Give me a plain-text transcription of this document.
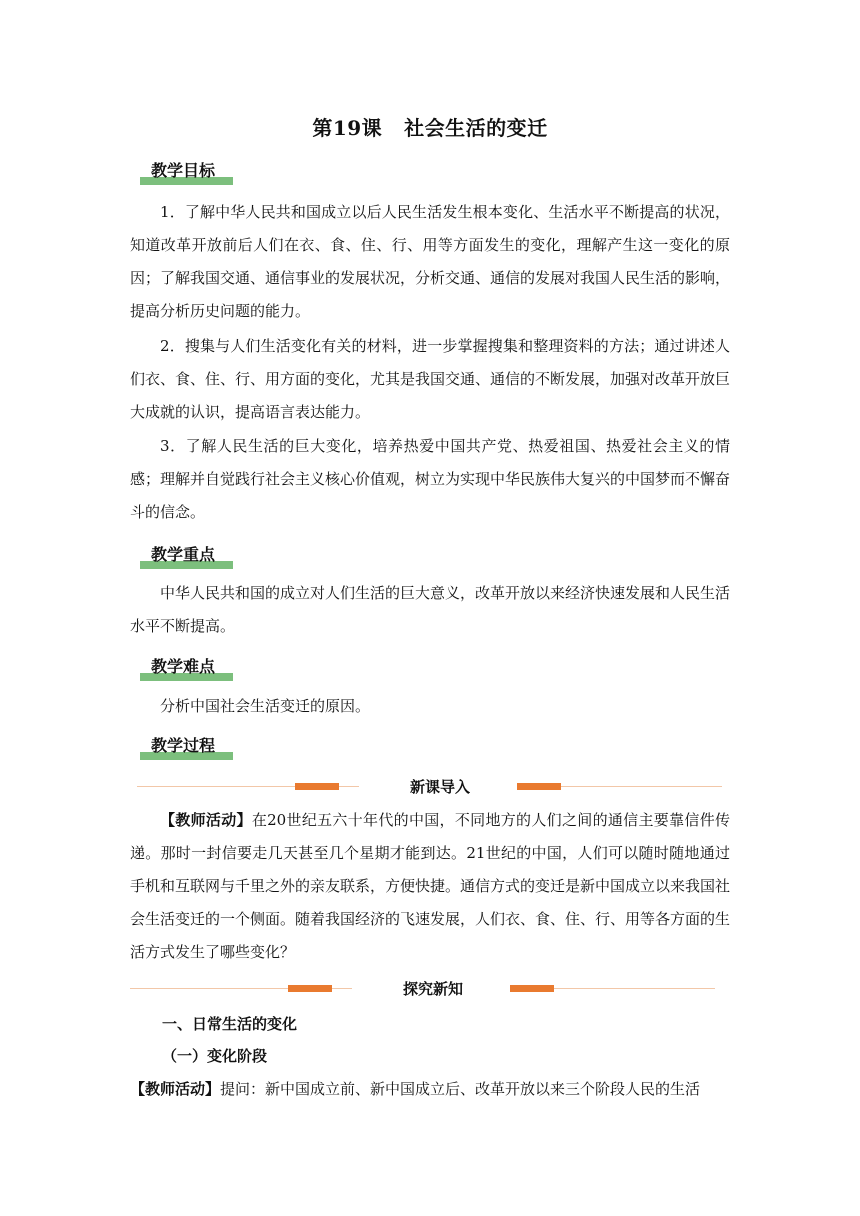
第19课 社会生活的变迁
教学目标
1．了解中华人民共和国成立以后人民生活发生根本变化、生活水平不断提高的状况，知道改革开放前后人们在衣、食、住、行、用等方面发生的变化，理解产生这一变化的原因；了解我国交通、通信事业的发展状况，分析交通、通信的发展对我国人民生活的影响，提高分析历史问题的能力。
2．搜集与人们生活变化有关的材料，进一步掌握搜集和整理资料的方法；通过讲述人们衣、食、住、行、用方面的变化，尤其是我国交通、通信的不断发展，加强对改革开放巨大成就的认识，提高语言表达能力。
3．了解人民生活的巨大变化，培养热爱中国共产党、热爱祖国、热爱社会主义的情感；理解并自觉践行社会主义核心价值观，树立为实现中华民族伟大复兴的中国梦而不懈奋斗的信念。
教学重点
中华人民共和国的成立对人们生活的巨大意义，改革开放以来经济快速发展和人民生活水平不断提高。
教学难点
分析中国社会生活变迁的原因。
教学过程
新课导入
【教师活动】在20世纪五六十年代的中国，不同地方的人们之间的通信主要靠信件传递。那时一封信要走几天甚至几个星期才能到达。21世纪的中国，人们可以随时随地通过手机和互联网与千里之外的亲友联系，方便快捷。通信方式的变迁是新中国成立以来我国社会生活变迁的一个侧面。随着我国经济的飞速发展，人们衣、食、住、行、用等各方面的生活方式发生了哪些变化？
探究新知
一、日常生活的变化
（一）变化阶段
【教师活动】提问：新中国成立前、新中国成立后、改革开放以来三个阶段人民的生活
